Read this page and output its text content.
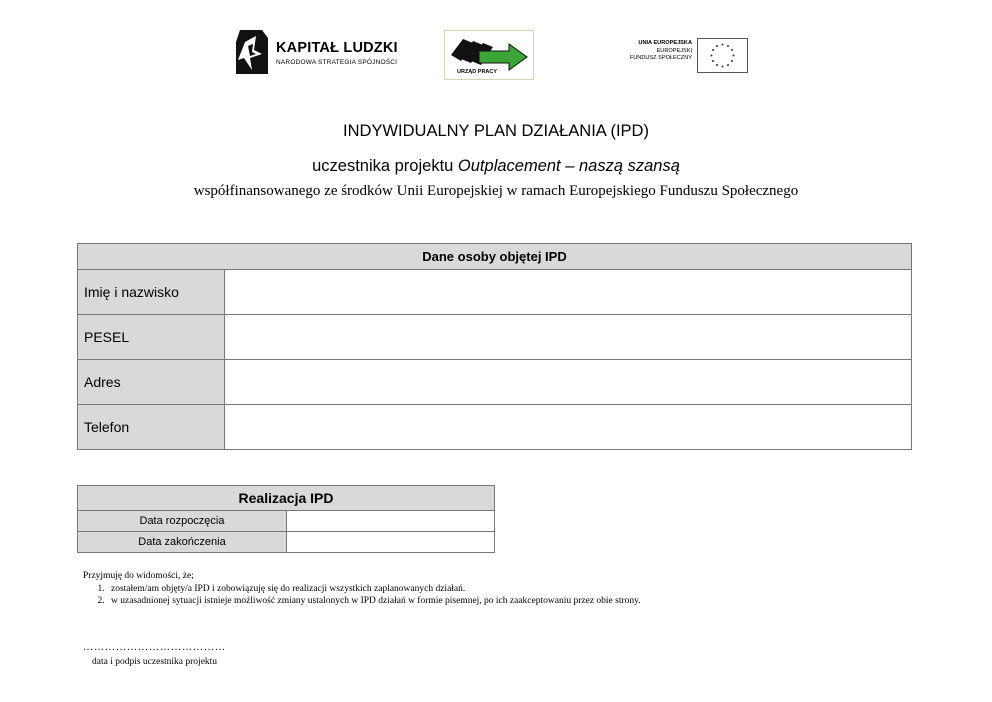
KAPITAŁ LUDZKI
NARODOWA STRATEGIA SPÓJNOŚCI
URZĄD PRACY
UNIA EUROPEJSKA
EUROPEJSKI
FUNDUSZ SPOŁECZNY
INDYWIDUALNY PLAN DZIAŁANIA (IPD)
uczestnika projektu Outplacement – naszą szansą
współfinansowanego ze środków Unii Europejskiej w ramach Europejskiego Funduszu Społecznego
Dane osoby objętej IPD	
Imię i nazwisko	
PESEL	
Adres	
Telefon	
Realizacja IPD	
Data rozpoczęcia	
Data zakończenia	
Przyjmuję do widomości, że;
1. zostałem/am objęty/a IPD i zobowiązuję się do realizacji wszystkich zaplanowanych działań.
2. w uzasadnionej sytuacji istnieje możliwość zmiany ustalonych w IPD działań w formie pisemnej, po ich zaakceptowaniu przez obie strony.
…………………………………
data i podpis uczestnika projektu
